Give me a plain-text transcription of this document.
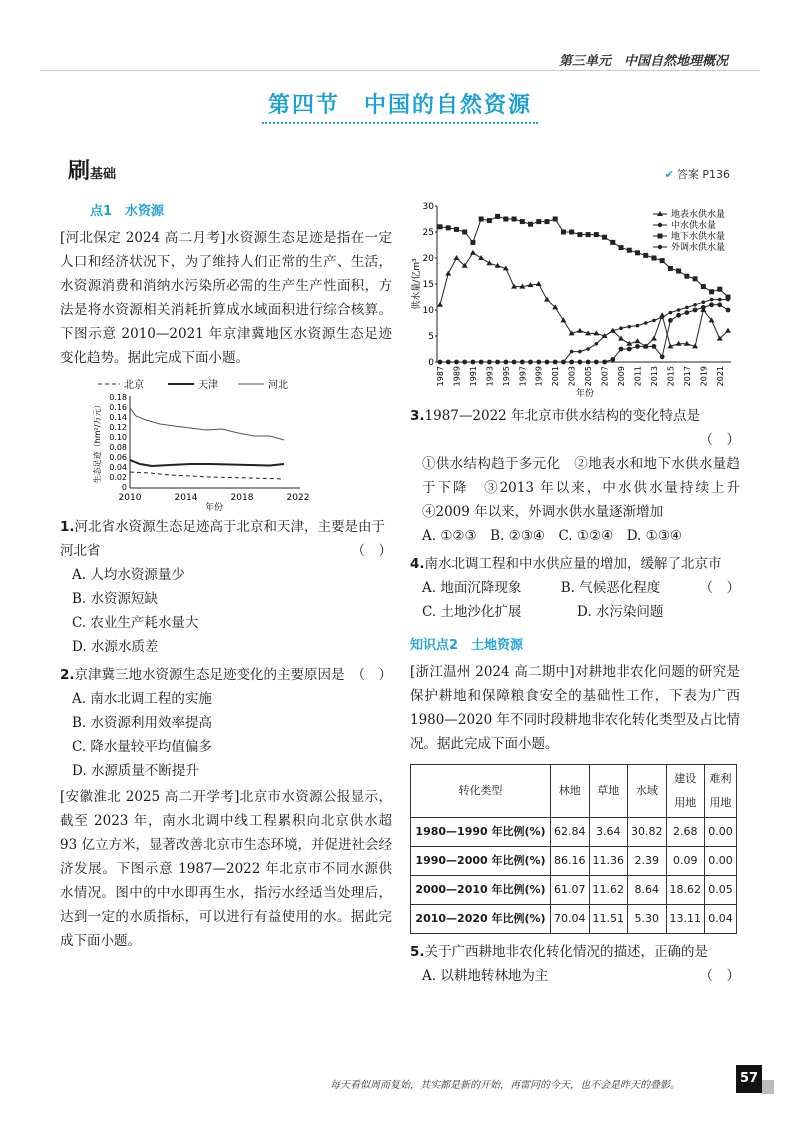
第三单元　中国自然地理概况
第四节　中国的自然资源
刷基础	✔ 答案 P136
点1　水资源
[河北保定 2024 高二月考]水资源生态足迹是指在一定人口和经济状况下，为了维持人们正常的生产、生活，水资源消费和消纳水污染所必需的生产生产性面积，方法是将水资源相关消耗折算成水域面积进行综合核算。下图示意 2010—2021 年京津冀地区水资源生态足迹变化趋势。据此完成下面小题。
北京	天津	河北
生态足迹（hm²/万元）
0
0.02
0.04
0.06
0.08
0.10
0.12
0.14
0.16
0.18
2010	2014	2018	2022
年份
1.河北省水资源生态足迹高于北京和天津，主要是由于河北省	（　）
A. 人均水资源量少
B. 水资源短缺
C. 农业生产耗水量大
D. 水源水质差
2.京津冀三地水资源生态足迹变化的主要原因是 （　）
A. 南水北调工程的实施
B. 水资源利用效率提高
C. 降水量较平均值偏多
D. 水源质量不断提升
[安徽淮北 2025 高二开学考]北京市水资源公报显示，截至 2023 年，南水北调中线工程累积向北京供水超 93 亿立方米，显著改善北京市生态环境，并促进社会经济发展。下图示意 1987—2022 年北京市不同水源供水情况。图中的中水即再生水，指污水经适当处理后，达到一定的水质指标，可以进行有益使用的水。据此完成下面小题。
供水量/亿m³
年份
0
5
10
15
20
25
30
1987 1989 1991 1993 1995 1997 1999 2001 2003 2005 2007 2009 2011 2013 2015 2017 2019 2021
地表水供水量
中水供水量
地下水供水量
外调水供水量
3.1987—2022 年北京市供水结构的变化特点是
（　）
①供水结构趋于多元化　②地表水和地下水供水量趋于下降　③2013 年以来，中水供水量持续上升　④2009 年以来，外调水供水量逐渐增加
A. ①②③　B. ②③④　C. ①②④　D. ①③④
4.南水北调工程和中水供应量的增加，缓解了北京市
（　）
A. 地面沉降现象	B. 气候恶化程度
C. 土地沙化扩展	D. 水污染问题
知识点2　土地资源
[浙江温州 2024 高二期中]对耕地非农化问题的研究是保护耕地和保障粮食安全的基础性工作，下表为广西 1980—2020 年不同时段耕地非农化转化类型及占比情况。据此完成下面小题。
转化类型	林地	草地	水域	建设用地	难利用地
1980—1990 年比例(%)	62.84	3.64	30.82	2.68	0.00
1990—2000 年比例(%)	86.16	11.36	2.39	0.09	0.00
2000—2010 年比例(%)	61.07	11.62	8.64	18.62	0.05
2010—2020 年比例(%)	70.04	11.51	5.30	13.11	0.04
5.关于广西耕地非农化转化情况的描述，正确的是
（　）
A. 以耕地转林地为主
每天看似周而复始，其实都是新的开始，再雷同的今天，也不会是昨天的叠影。	57
